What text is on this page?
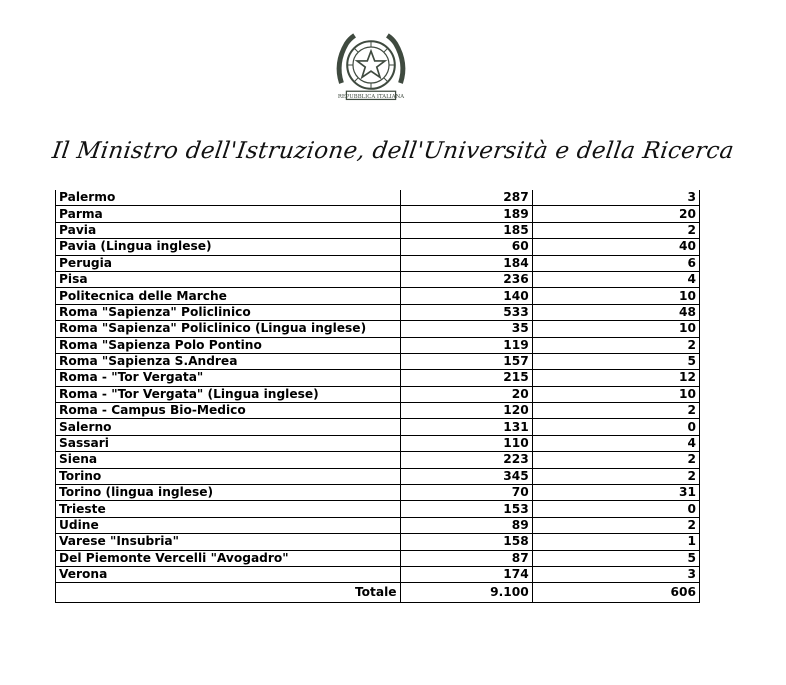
REPUBBLICA ITALIANA
Il Ministro dell'Istruzione, dell'Università e della Ricerca
Palermo	287	3
Parma	189	20
Pavia	185	2
Pavia (Lingua inglese)	60	40
Perugia	184	6
Pisa	236	4
Politecnica delle Marche	140	10
Roma "Sapienza" Policlinico	533	48
Roma "Sapienza" Policlinico (Lingua inglese)	35	10
Roma "Sapienza Polo Pontino	119	2
Roma "Sapienza S.Andrea	157	5
Roma - "Tor Vergata"	215	12
Roma - "Tor Vergata" (Lingua inglese)	20	10
Roma - Campus Bio-Medico	120	2
Salerno	131	0
Sassari	110	4
Siena	223	2
Torino	345	2
Torino (lingua inglese)	70	31
Trieste	153	0
Udine	89	2
Varese "Insubria"	158	1
Del Piemonte Vercelli "Avogadro"	87	5
Verona	174	3
Totale	9.100	606
